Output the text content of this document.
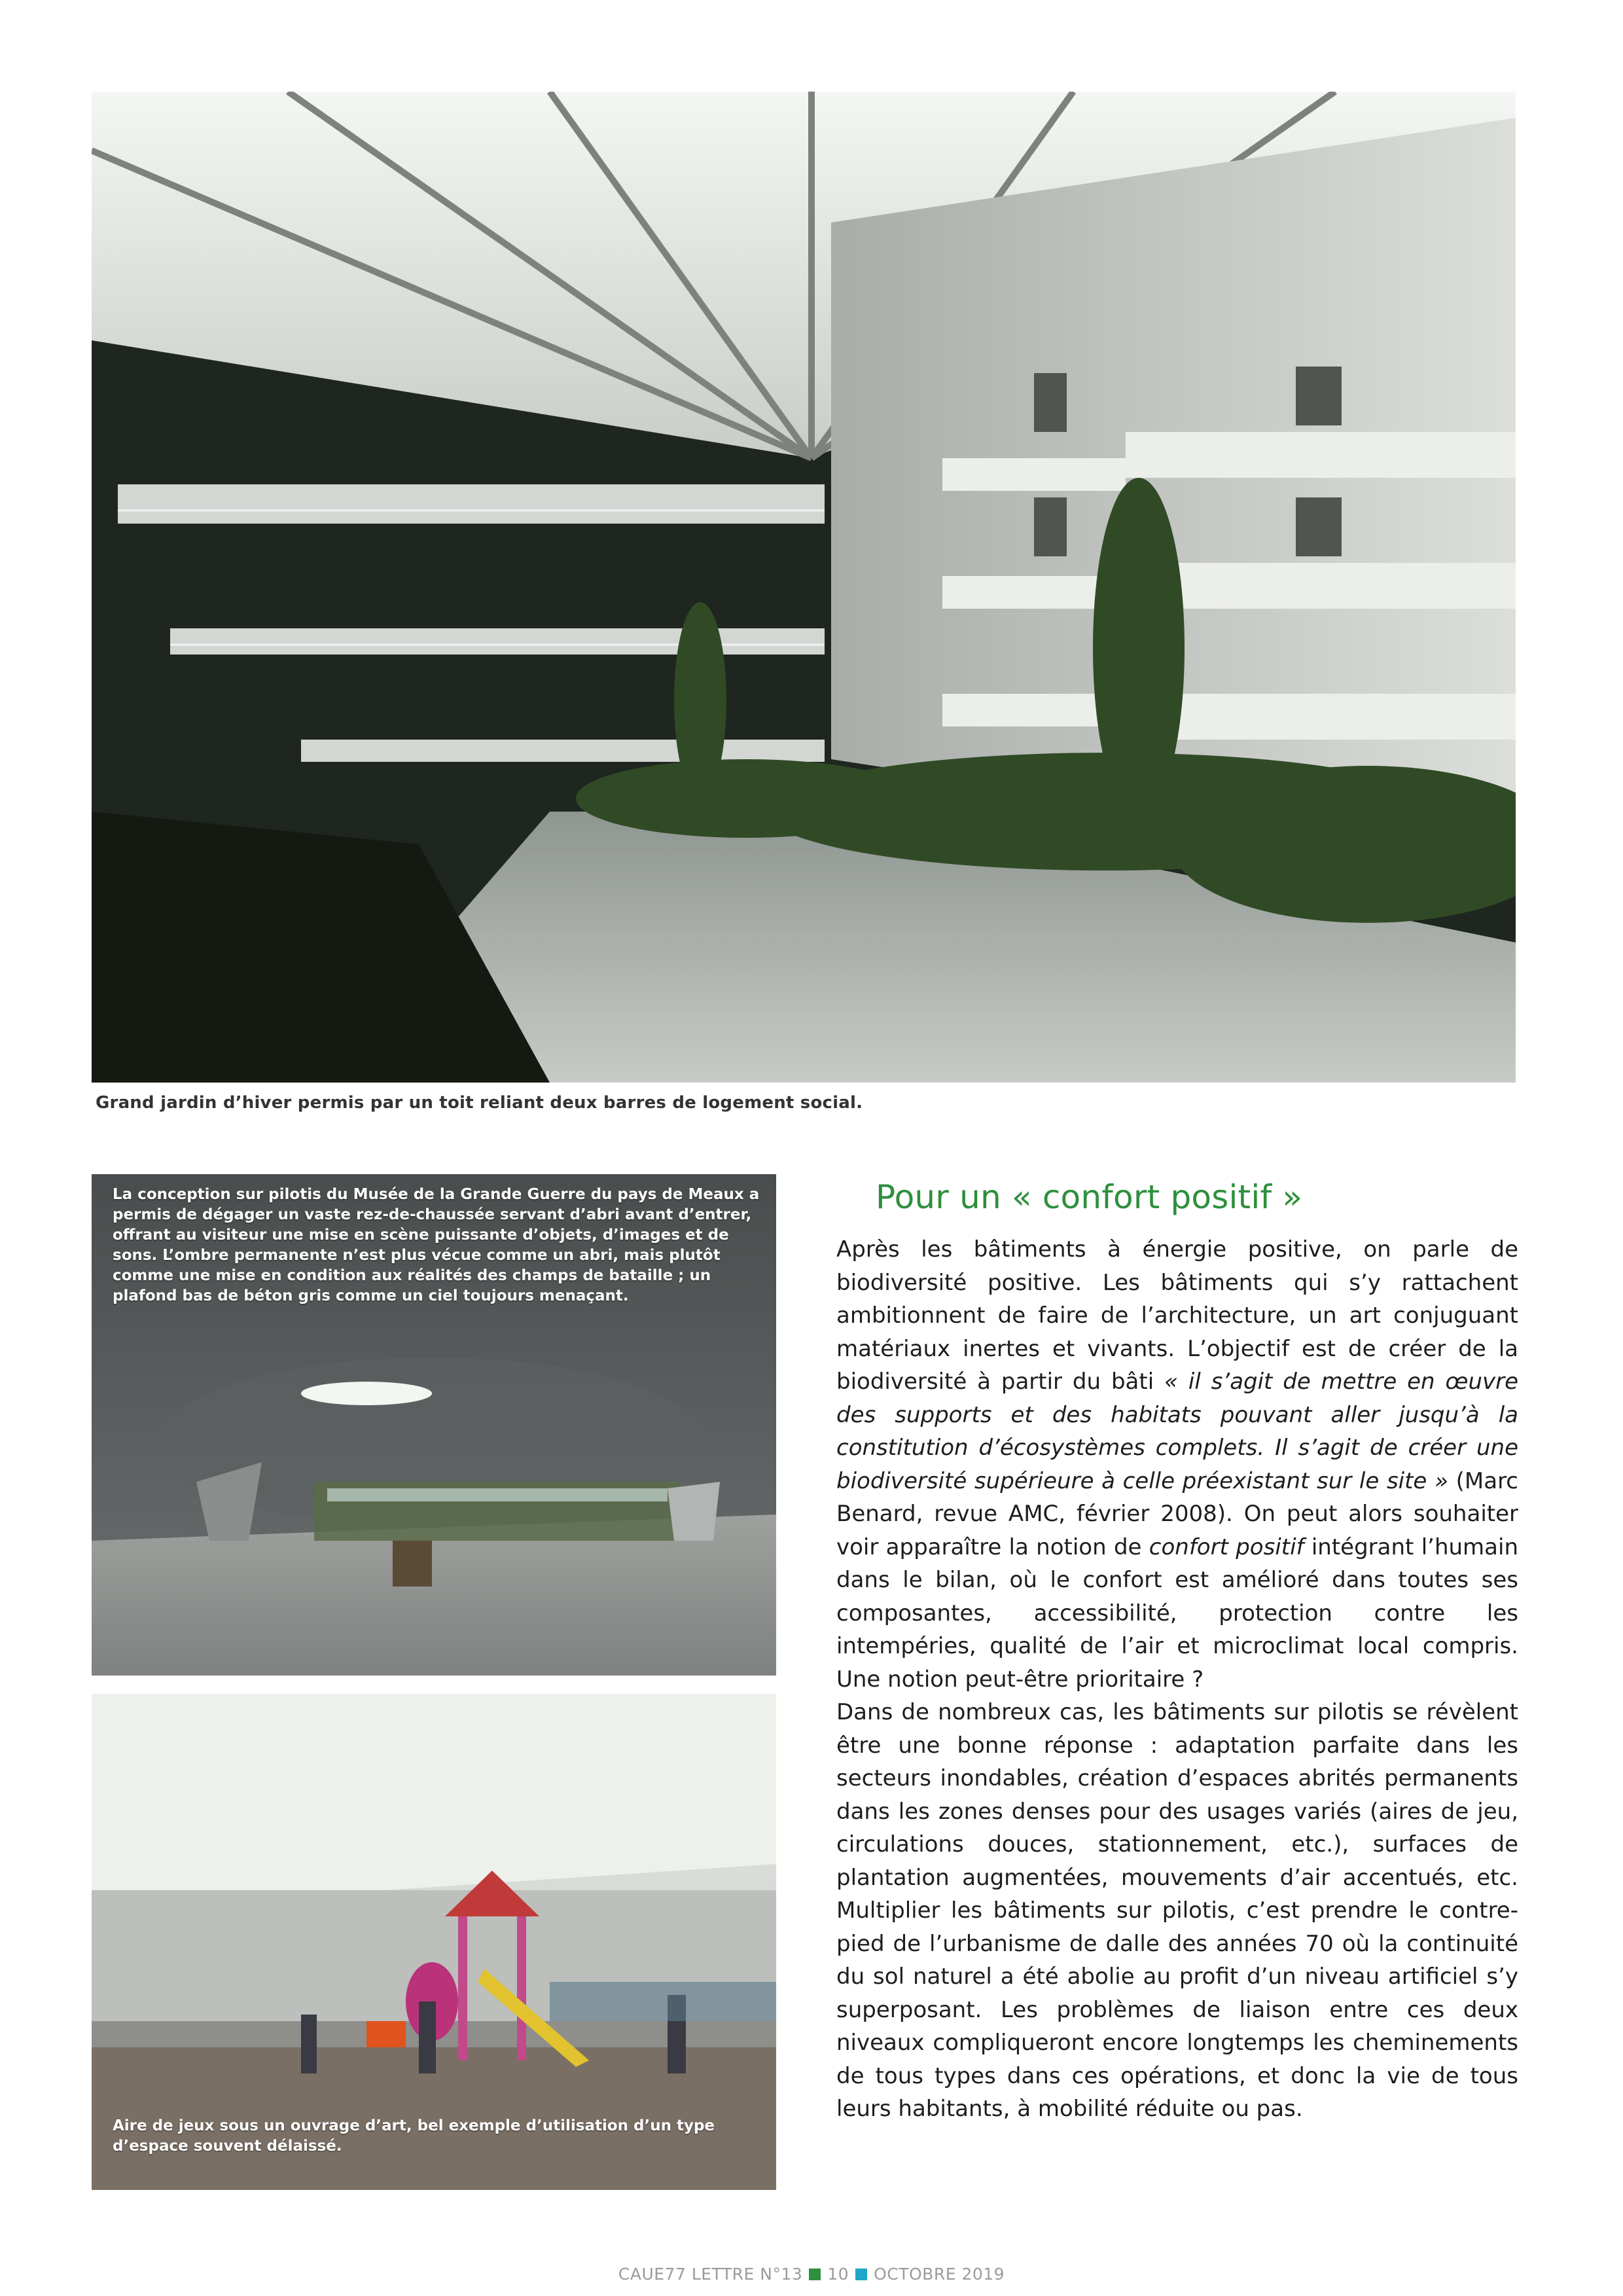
Grand jardin d’hiver permis par un toit reliant deux barres de logement social.
La conception sur pilotis du Musée de la Grande Guerre du pays de Meaux a permis de dégager un vaste rez-de-chaussée servant d’abri avant d’entrer, offrant au visiteur une mise en scène puissante d’objets, d’images et de sons. L’ombre permanente n’est plus vécue comme un abri, mais plutôt comme une mise en condition aux réalités des champs de bataille ; un plafond bas de béton gris comme un ciel toujours menaçant.
Aire de jeux sous un ouvrage d’art, bel exemple d’utilisation d’un type d’espace souvent délaissé.
Pour un « confort positif »

Après les bâtiments à énergie positive, on parle de biodiversité positive. Les bâtiments qui s’y rattachent ambitionnent de faire de l’architecture, un art conjuguant matériaux inertes et vivants. L’objectif est de créer de la biodiversité à partir du bâti « il s’agit de mettre en œuvre des supports et des habitats pouvant aller jusqu’à la constitution d’écosystèmes complets. Il s’agit de créer une biodiversité supérieure à celle préexistant sur le site » (Marc Benard, revue AMC, février 2008). On peut alors souhaiter voir apparaître la notion de confort positif intégrant l’humain dans le bilan, où le confort est amélioré dans toutes ses composantes, accessibilité, protection contre les intempéries, qualité de l’air et microclimat local compris. Une notion peut-être prioritaire ?

Dans de nombreux cas, les bâtiments sur pilotis se révèlent être une bonne réponse : adaptation parfaite dans les secteurs inondables, création d’espaces abrités permanents dans les zones denses pour des usages variés (aires de jeu, circulations douces, stationnement, etc.), surfaces de plantation augmentées, mouvements d’air accentués, etc. Multiplier les bâtiments sur pilotis, c’est prendre le contre-pied de l’urbanisme de dalle des années 70 où la continuité du sol naturel a été abolie au profit d’un niveau artificiel s’y superposant. Les problèmes de liaison entre ces deux niveaux compliqueront encore longtemps les cheminements de tous types dans ces opérations, et donc la vie de tous leurs habitants, à mobilité réduite ou pas.

CAUE77 LETTRE N°13 10 OCTOBRE 2019
